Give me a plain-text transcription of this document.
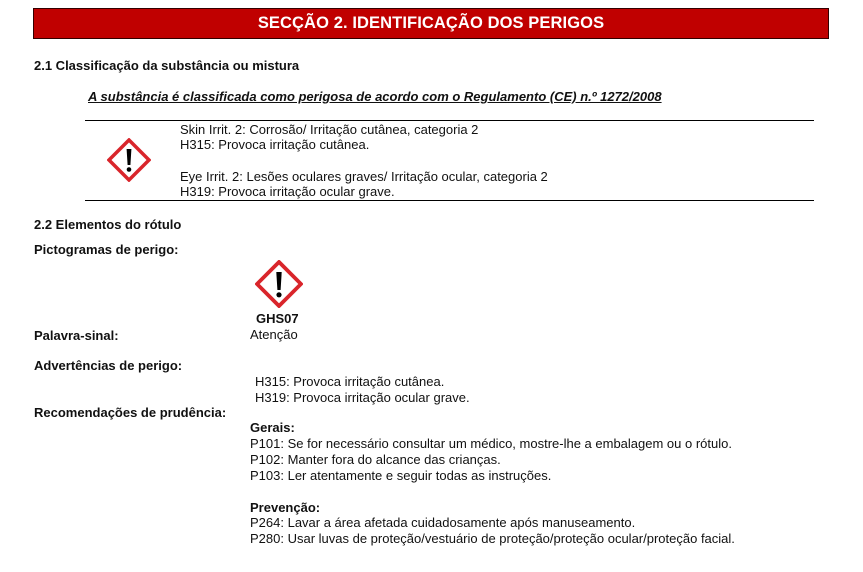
SECÇÃO 2. IDENTIFICAÇÃO DOS PERIGOS
2.1 Classificação da substância ou mistura
A substância é classificada como perigosa de acordo com o Regulamento (CE) n.º 1272/2008
Skin Irrit. 2: Corrosão/ Irritação cutânea, categoria 2
H315: Provoca irritação cutânea.
Eye Irrit. 2: Lesões oculares graves/ Irritação ocular, categoria 2
H319: Provoca irritação ocular grave.
2.2 Elementos do rótulo
Pictogramas de perigo:
GHS07
Palavra-sinal:	Atenção
Advertências de perigo:
H315: Provoca irritação cutânea.
H319: Provoca irritação ocular grave.
Recomendações de prudência:
Gerais:
P101: Se for necessário consultar um médico, mostre-lhe a embalagem ou o rótulo.
P102: Manter fora do alcance das crianças.
P103: Ler atentamente e seguir todas as instruções.
Prevenção:
P264: Lavar a área afetada cuidadosamente após manuseamento.
P280: Usar luvas de proteção/vestuário de proteção/proteção ocular/proteção facial.
